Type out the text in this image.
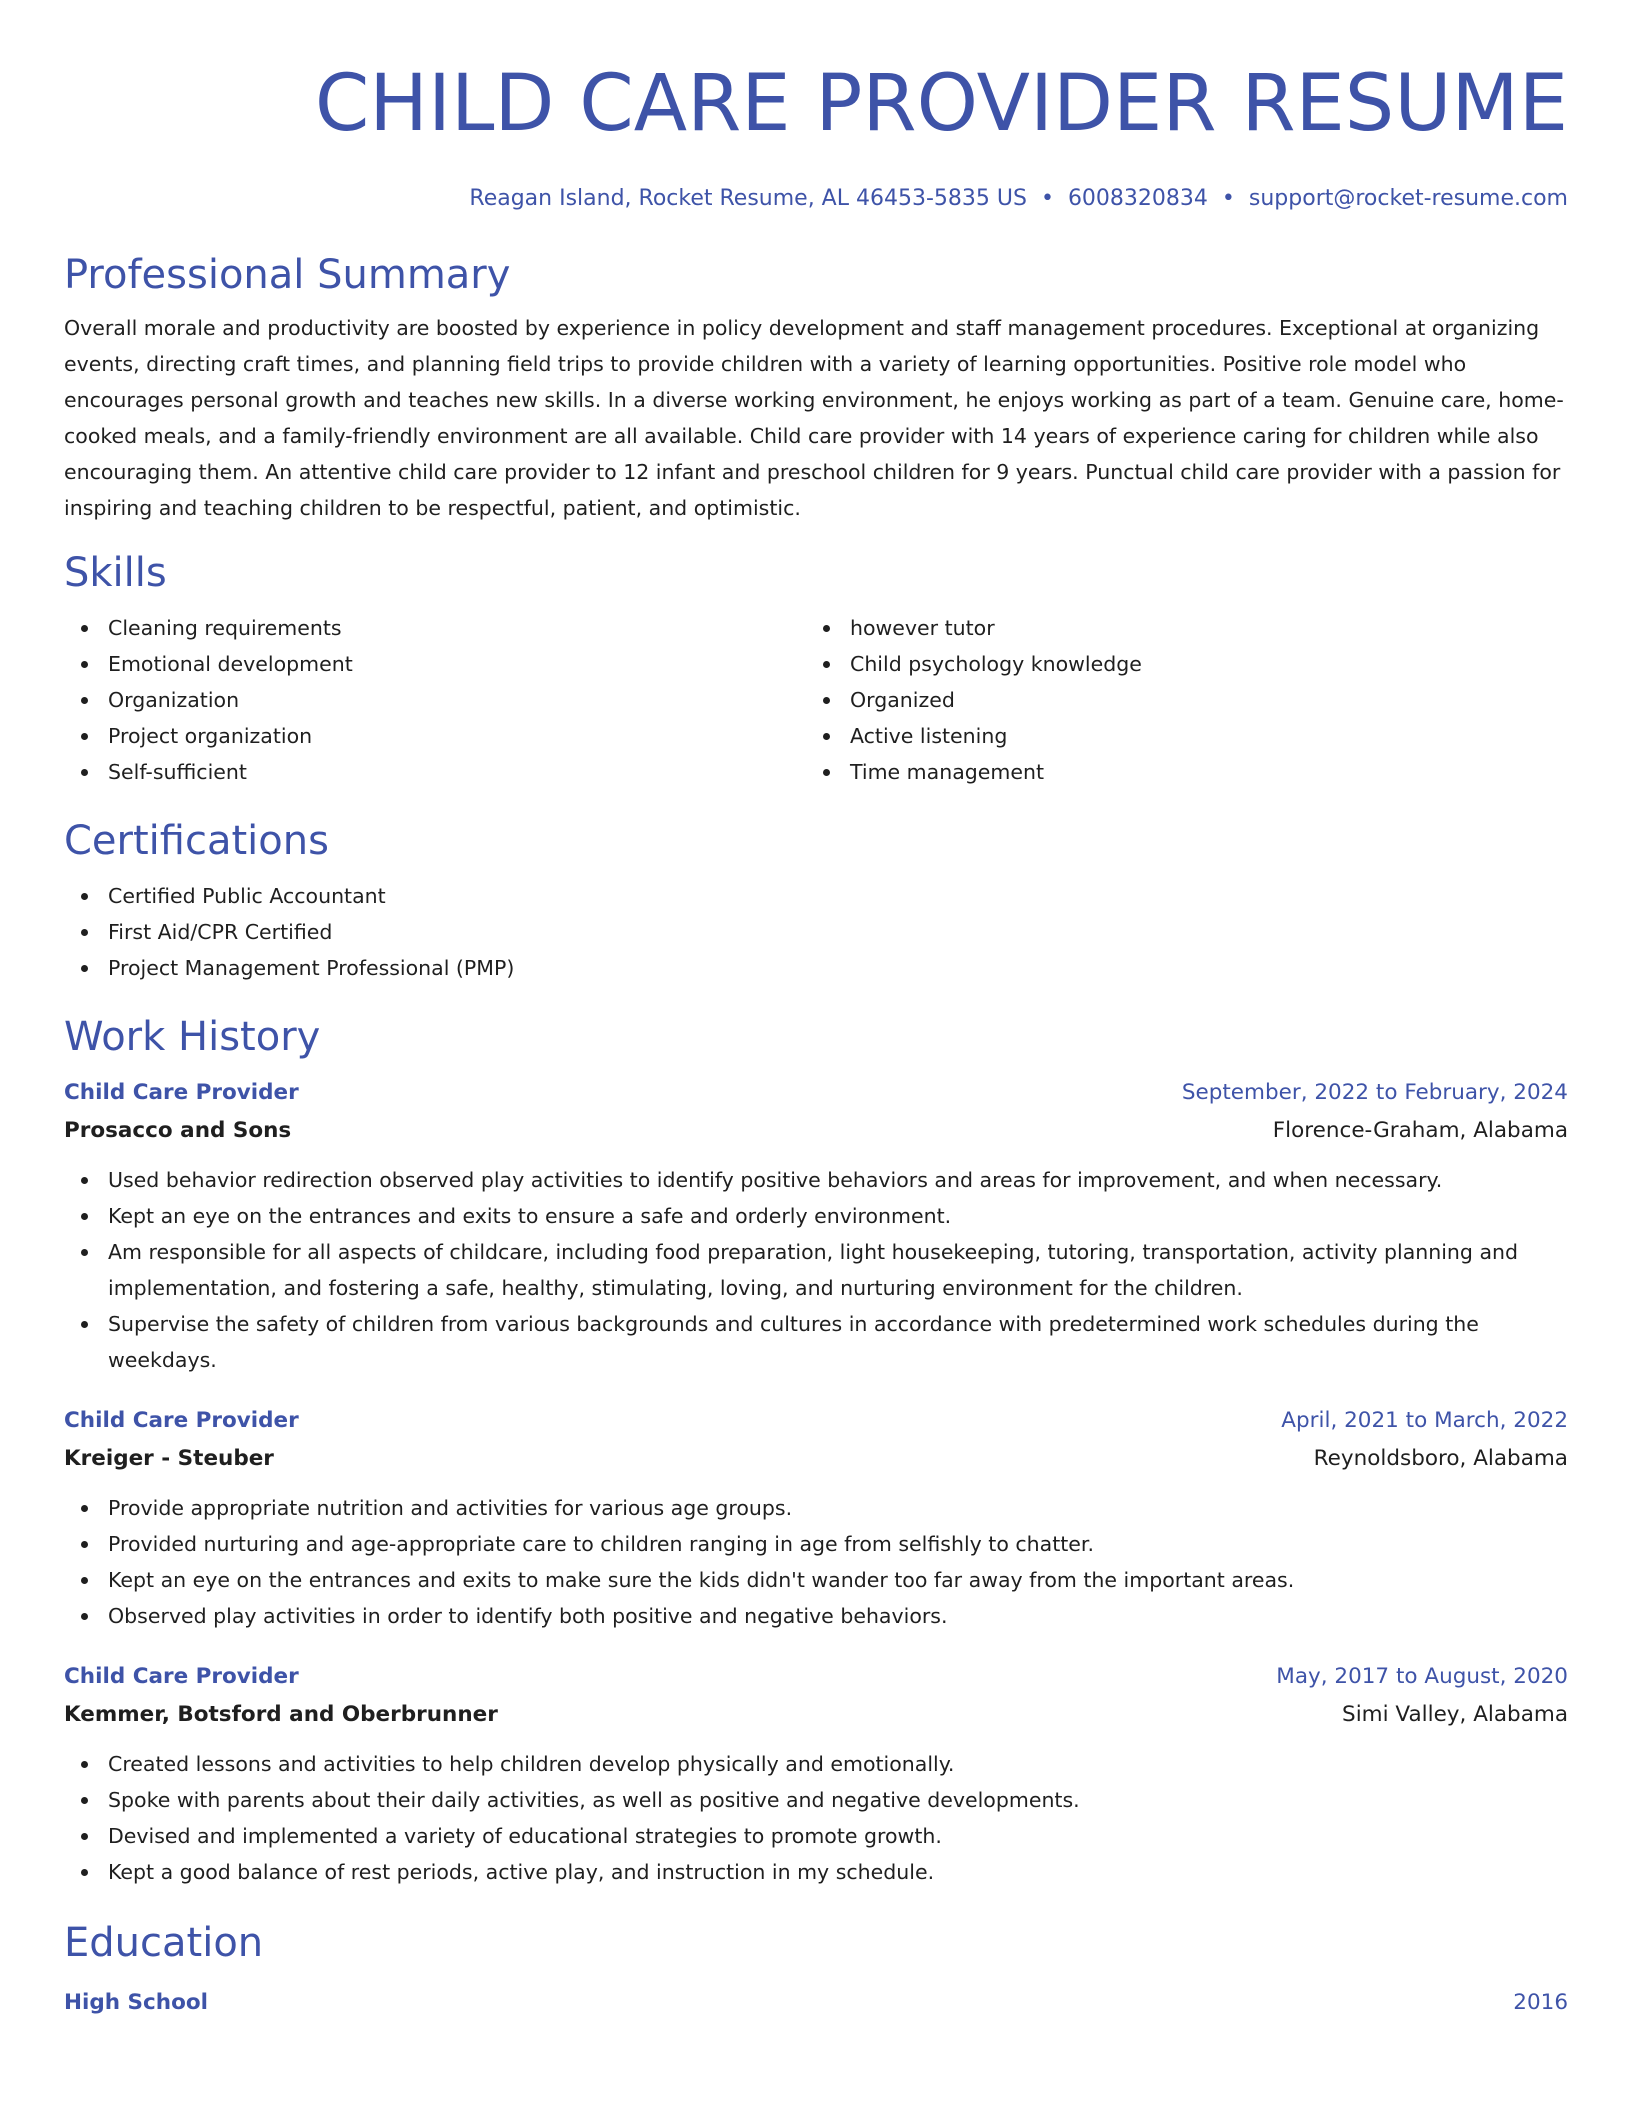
CHILD CARE PROVIDER RESUME
Reagan Island, Rocket Resume, AL 46453-5835 US • 6008320834 • support@rocket-resume.com
Professional Summary

Overall morale and productivity are boosted by experience in policy development and staff management procedures. Exceptional at organizing events, directing craft times, and planning field trips to provide children with a variety of learning opportunities. Positive role model who encourages personal growth and teaches new skills. In a diverse working environment, he enjoys working as part of a team. Genuine care, home-cooked meals, and a family-friendly environment are all available. Child care provider with 14 years of experience caring for children while also encouraging them. An attentive child care provider to 12 infant and preschool children for 9 years. Punctual child care provider with a passion for inspiring and teaching children to be respectful, patient, and optimistic.

Skills
Cleaning requirements
Emotional development
Organization
Project organization
Self-sufficient
however tutor
Child psychology knowledge
Organized
Active listening
Time management
Certifications
Certified Public Accountant
First Aid/CPR Certified
Project Management Professional (PMP)
Work History
Child Care Provider	September, 2022 to February, 2024
Prosacco and Sons	Florence-Graham, Alabama
Used behavior redirection observed play activities to identify positive behaviors and areas for improvement, and when necessary.
Kept an eye on the entrances and exits to ensure a safe and orderly environment.
Am responsible for all aspects of childcare, including food preparation, light housekeeping, tutoring, transportation, activity planning and implementation, and fostering a safe, healthy, stimulating, loving, and nurturing environment for the children.
Supervise the safety of children from various backgrounds and cultures in accordance with predetermined work schedules during the weekdays.
Child Care Provider	April, 2021 to March, 2022
Kreiger - Steuber	Reynoldsboro, Alabama
Provide appropriate nutrition and activities for various age groups.
Provided nurturing and age-appropriate care to children ranging in age from selfishly to chatter.
Kept an eye on the entrances and exits to make sure the kids didn't wander too far away from the important areas.
Observed play activities in order to identify both positive and negative behaviors.
Child Care Provider	May, 2017 to August, 2020
Kemmer, Botsford and Oberbrunner	Simi Valley, Alabama
Created lessons and activities to help children develop physically and emotionally.
Spoke with parents about their daily activities, as well as positive and negative developments.
Devised and implemented a variety of educational strategies to promote growth.
Kept a good balance of rest periods, active play, and instruction in my schedule.
Education
High School	2016
